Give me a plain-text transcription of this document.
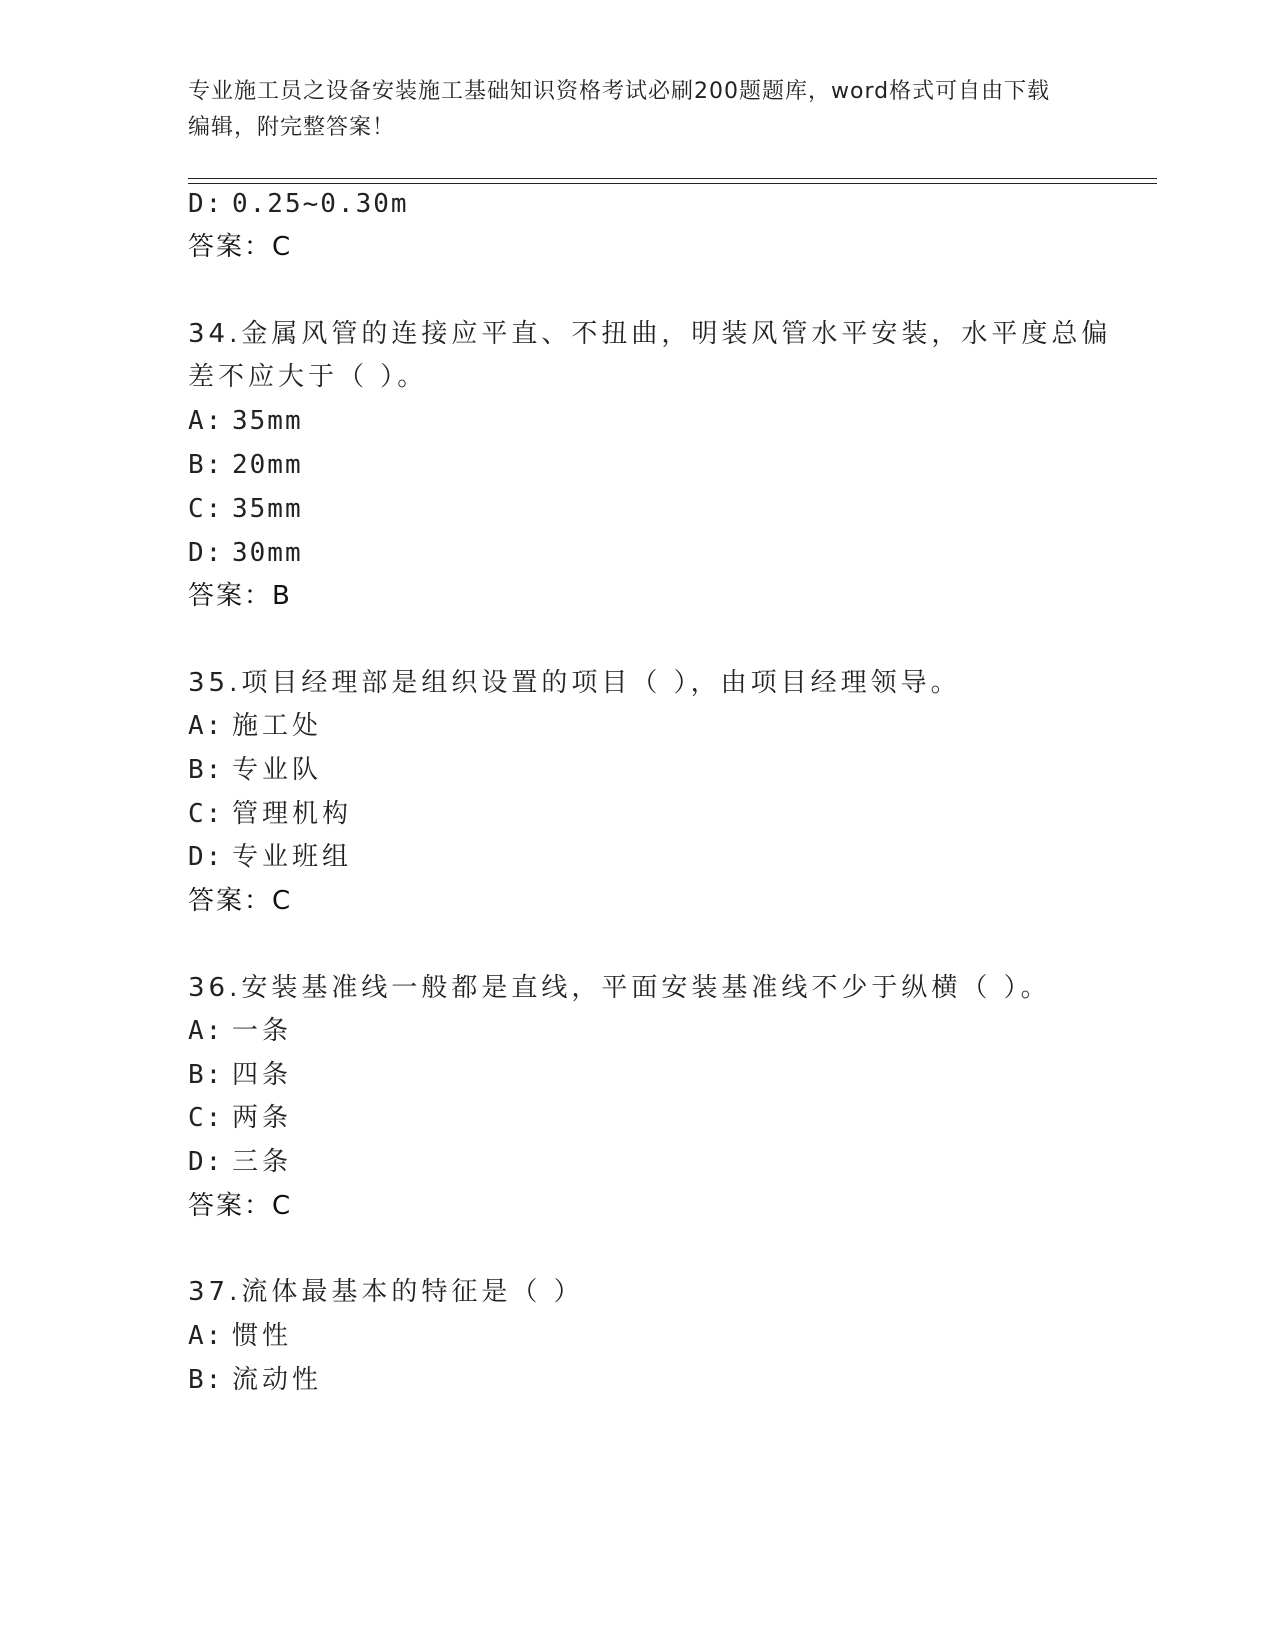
专业施工员之设备安装施工基础知识资格考试必刷200题题库，word格式可自由下载编辑，附完整答案！
D: 0.25~0.30m
答案：C
34.金属风管的连接应平直、不扭曲，明装风管水平安装，水平度总偏
差不应大于（ ）。
A: 35mm
B: 20mm
C: 35mm
D: 30mm
答案：B
35.项目经理部是组织设置的项目（ ），由项目经理领导。
A: 施工处
B: 专业队
C: 管理机构
D: 专业班组
答案：C
36.安装基准线一般都是直线，平面安装基准线不少于纵横（ ）。
A: 一条
B: 四条
C: 两条
D: 三条
答案：C
37.流体最基本的特征是（ ）
A: 惯性
B: 流动性
